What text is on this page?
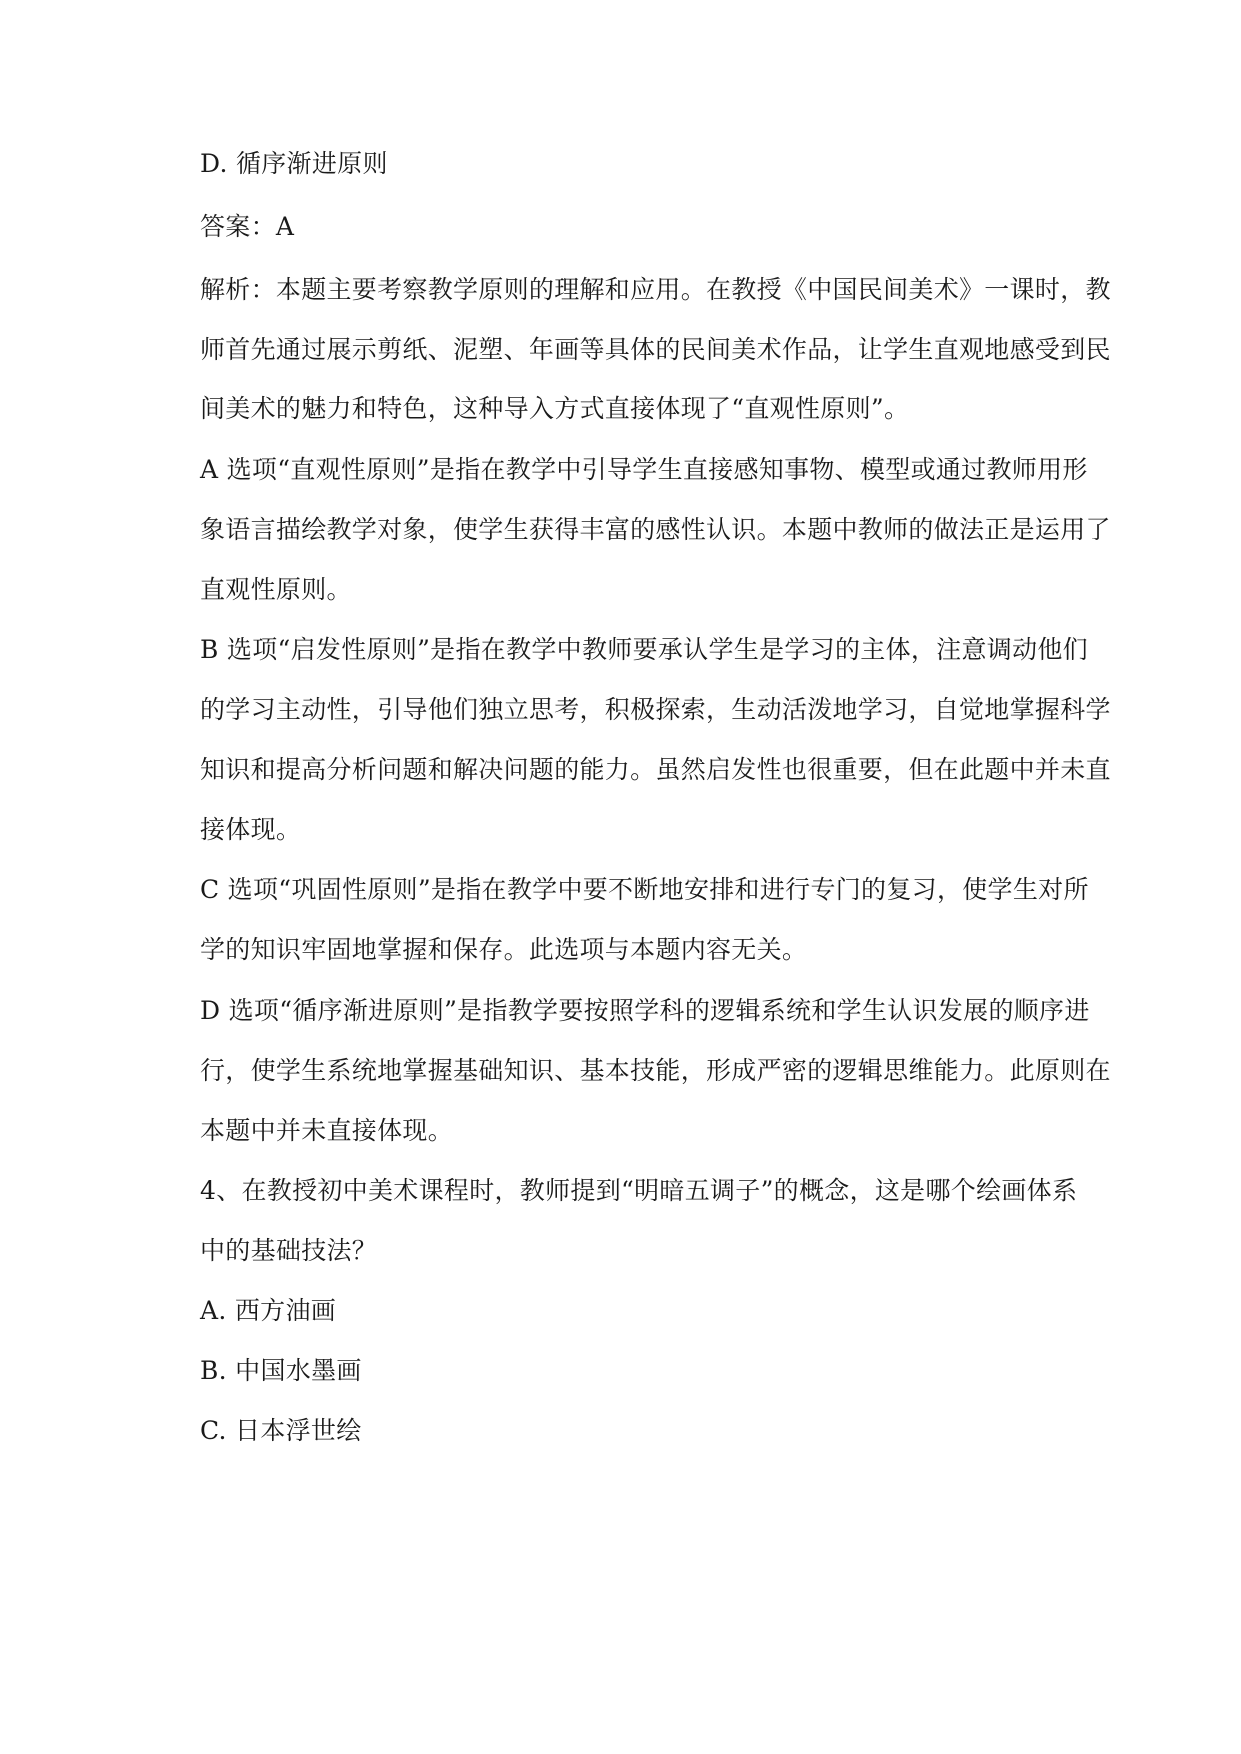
D. 循序渐进原则
答案：A
解析：本题主要考察教学原则的理解和应用。在教授《中国民间美术》一课时，教
师首先通过展示剪纸、泥塑、年画等具体的民间美术作品，让学生直观地感受到民
间美术的魅力和特色，这种导入方式直接体现了“直观性原则”。
A 选项“直观性原则”是指在教学中引导学生直接感知事物、模型或通过教师用形
象语言描绘教学对象，使学生获得丰富的感性认识。本题中教师的做法正是运用了
直观性原则。
B 选项“启发性原则”是指在教学中教师要承认学生是学习的主体，注意调动他们
的学习主动性，引导他们独立思考，积极探索，生动活泼地学习，自觉地掌握科学
知识和提高分析问题和解决问题的能力。虽然启发性也很重要，但在此题中并未直
接体现。
C 选项“巩固性原则”是指在教学中要不断地安排和进行专门的复习，使学生对所
学的知识牢固地掌握和保存。此选项与本题内容无关。
D 选项“循序渐进原则”是指教学要按照学科的逻辑系统和学生认识发展的顺序进
行，使学生系统地掌握基础知识、基本技能，形成严密的逻辑思维能力。此原则在
本题中并未直接体现。
4、在教授初中美术课程时，教师提到“明暗五调子”的概念，这是哪个绘画体系
中的基础技法？
A. 西方油画
B. 中国水墨画
C. 日本浮世绘
